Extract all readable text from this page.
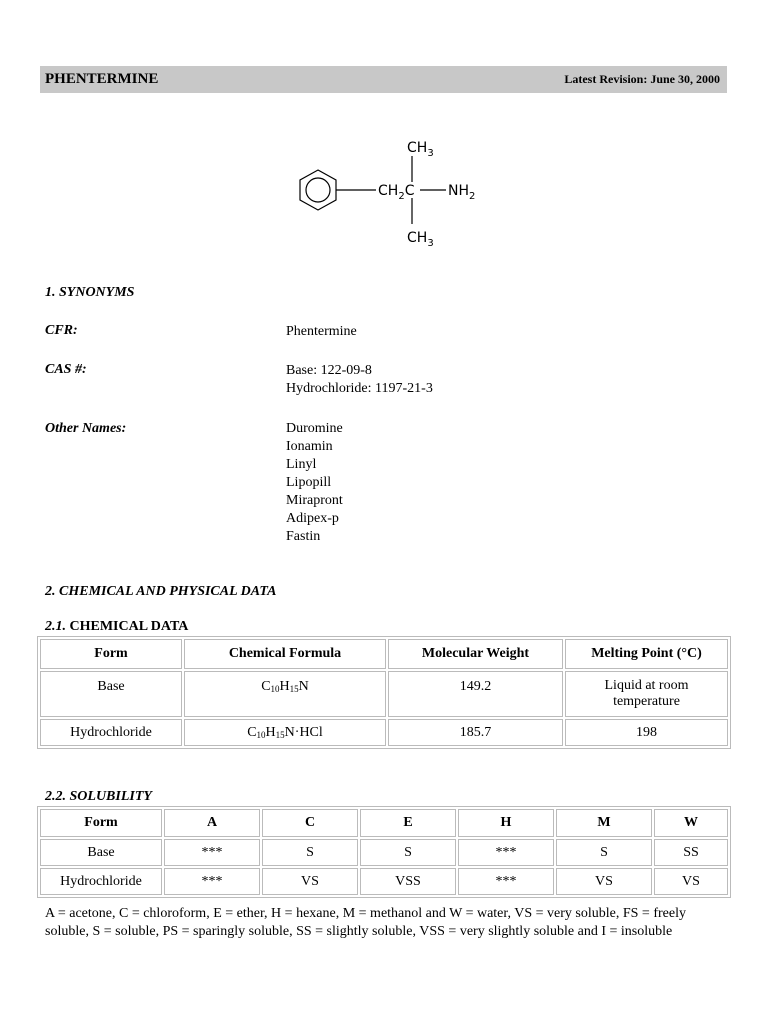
PHENTERMINE	Latest Revision: June 30, 2000
$CH_2C$
$CH_3$
$NH_2$
$CH_3$
1. SYNONYMS
CFR:	Phentermine
CAS #:	Base: 122-09-8
Hydrochloride: 1197-21-3
Other Names:	Duromine
Ionamin
Linyl
Lipopill
Mirapront
Adipex-p
Fastin
2. CHEMICAL AND PHYSICAL DATA
2.1. CHEMICAL DATA
Form	Chemical Formula	Molecular Weight	Melting Point (°C)
Base	$C_{10}H_{15}N$	149.2	Liquid at room temperature
Hydrochloride	$C_{10}H_{15}N\cdot HCl$	185.7	198
2.2. SOLUBILITY
Form	A	C	E	H	M	W
Base	***	S	S	***	S	SS
Hydrochloride	***	VS	VSS	***	VS	VS
A = acetone, C = chloroform, E = ether, H = hexane, M = methanol and W = water, VS = very soluble, FS = freely soluble, S = soluble, PS = sparingly soluble, SS = slightly soluble, VSS = very slightly soluble and I = insoluble
